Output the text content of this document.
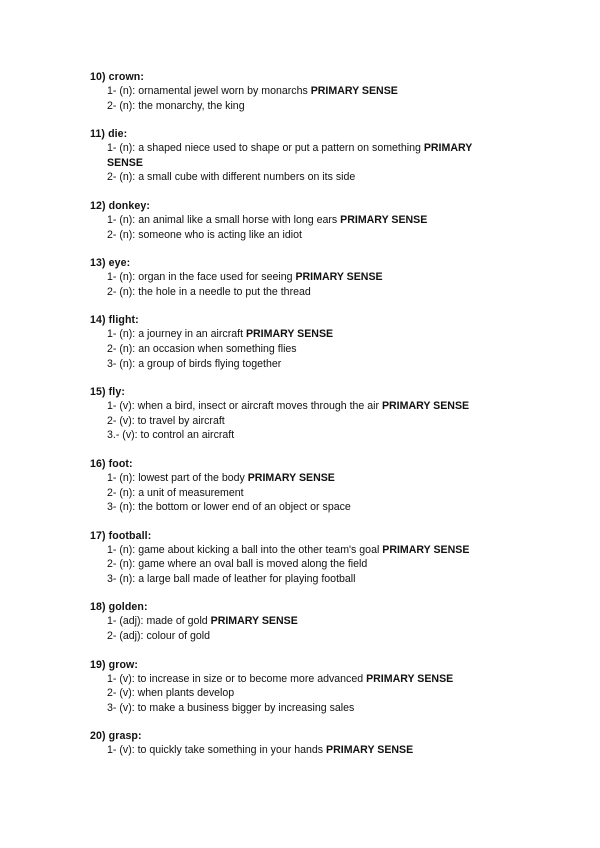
10) crown:
1- (n): ornamental jewel worn by monarchs PRIMARY SENSE
2- (n): the monarchy, the king
11) die:
1- (n): a shaped niece used to shape or put a pattern on something PRIMARY SENSE
2- (n): a small cube with different numbers on its side
12) donkey:
1- (n): an animal like a small horse with long ears PRIMARY SENSE
2- (n): someone who is acting like an idiot
13) eye:
1- (n): organ in the face used for seeing PRIMARY SENSE
2- (n): the hole in a needle to put the thread
14) flight:
1- (n): a journey in an aircraft PRIMARY SENSE
2- (n): an occasion when something flies
3- (n): a group of birds flying together
15) fly:
1- (v): when a bird, insect or aircraft moves through the air PRIMARY SENSE
2- (v): to travel by aircraft
3.- (v): to control an aircraft
16) foot:
1- (n): lowest part of the body PRIMARY SENSE
2- (n): a unit of measurement
3- (n): the bottom or lower end of an object or space
17) football:
1- (n): game about kicking a ball into the other team's goal PRIMARY SENSE
2- (n): game where an oval ball is moved along the field
3- (n): a large ball made of leather for playing football
18) golden:
1- (adj): made of gold PRIMARY SENSE
2- (adj): colour of gold
19) grow:
1- (v): to increase in size or to become more advanced PRIMARY SENSE
2- (v): when plants develop
3- (v): to make a business bigger by increasing sales
20) grasp:
1- (v): to quickly take something in your hands PRIMARY SENSE
